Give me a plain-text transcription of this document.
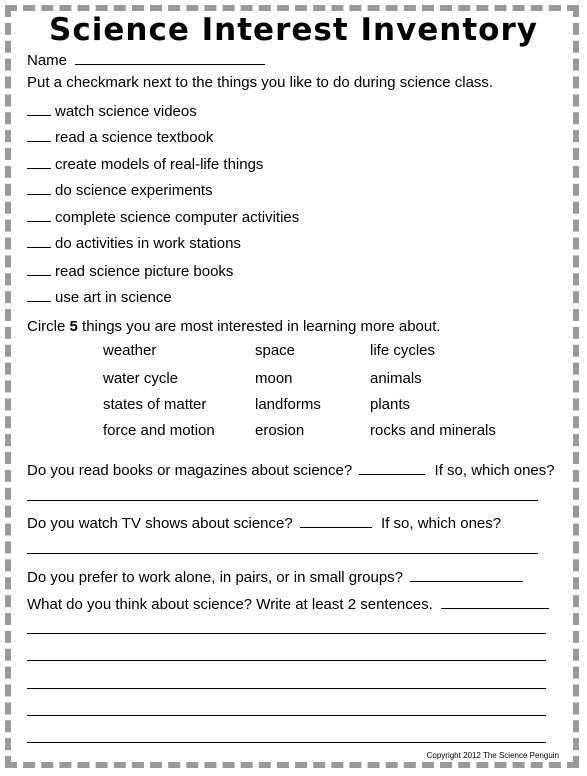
Science Interest Inventory
Name
Put a checkmark next to the things you like to do during science class.
watch science videos
read a science textbook
create models of real-life things
do science experiments
complete science computer activities
do activities in work stations
read science picture books
use art in science
Circle 5 things you are most interested in learning more about.
weather	space	life cycles
water cycle	moon	animals
states of matter	landforms	plants
force and motion	erosion	rocks and minerals
Do you read books or magazines about science?	If so, which ones?
Do you watch TV shows about science?	If so, which ones?
Do you prefer to work alone, in pairs, or in small groups?
What do you think about science? Write at least 2 sentences.
Copyright 2012 The Science Penguin
